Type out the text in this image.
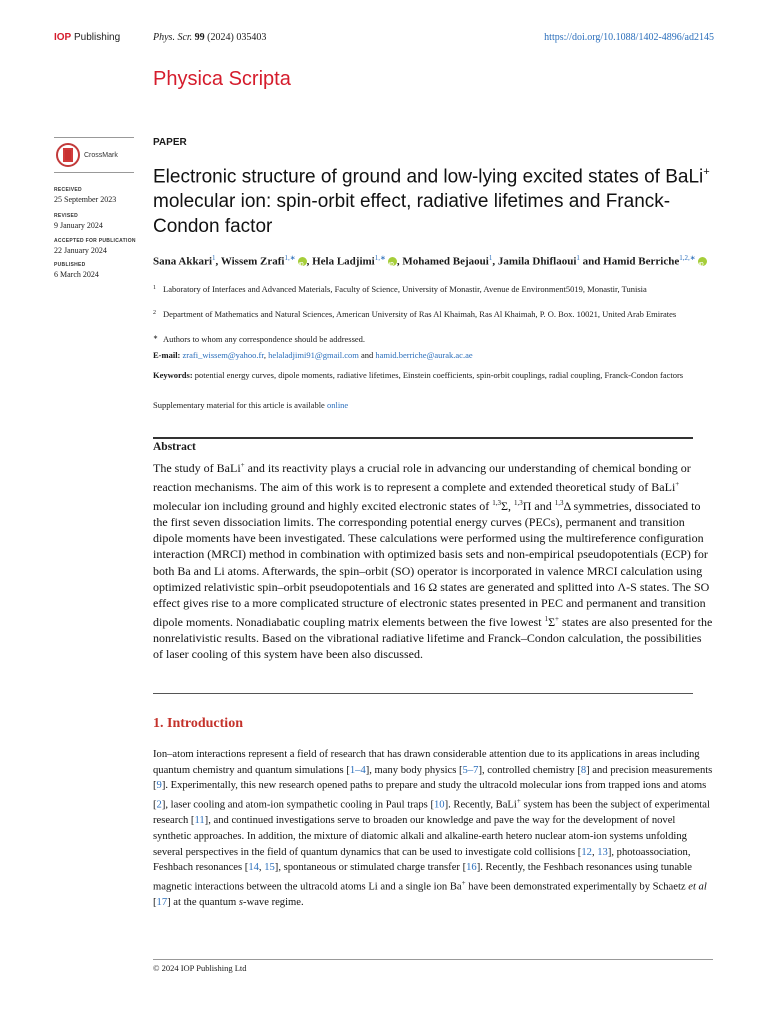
IOP Publishing	Phys. Scr. 99 (2024) 035403	https://doi.org/10.1088/1402-4896/ad2145
Physica Scripta
CrossMark
RECEIVED
25 September 2023
REVISED
9 January 2024
ACCEPTED FOR PUBLICATION
22 January 2024
PUBLISHED
6 March 2024
PAPER
Electronic structure of ground and low-lying excited states of BaLi+ molecular ion: spin-orbit effect, radiative lifetimes and Franck-Condon factor
Sana Akkari$^1$, Wissem Zrafi$^{1,∗}$ iD , Hela Ladjimi$^{1,∗}$ iD , Mohamed Bejaoui$^1$, Jamila Dhiflaoui$^1$ and Hamid Berriche$^{1,2,∗}$iD
1 Laboratory of Interfaces and Advanced Materials, Faculty of Science, University of Monastir, Avenue de Environment5019, Monastir, Tunisia
2 Department of Mathematics and Natural Sciences, American University of Ras Al Khaimah, Ras Al Khaimah, P. O. Box. 10021, United Arab Emirates
∗ Authors to whom any correspondence should be addressed.
E-mail: zrafi_wissem@yahoo.fr, helaladjimi91@gmail.com and hamid.berriche@aurak.ac.ae
Keywords: potential energy curves, dipole moments, radiative lifetimes, Einstein coefficients, spin-orbit couplings, radial coupling, Franck-Condon factors
Supplementary material for this article is available online
Abstract
The study of BaLi+ and its reactivity plays a crucial role in advancing our understanding of chemical bonding or reaction mechanisms. The aim of this work is to represent a complete and extended theoretical study of BaLi+ molecular ion including ground and highly excited electronic states of $^{1,3}$Σ, $^{1,3}$Π and $^{1,3}$Δ symmetries, dissociated to the first seven dissociation limits. The corresponding potential energy curves (PECs), permanent and transition dipole moments have been investigated. These calculations were performed using the multireference configuration interaction (MRCI) method in combination with optimized basis sets and non-empirical pseudopotentials (ECP) for both Ba and Li atoms. Afterwards, the spin–orbit (SO) operator is incorporated in valence MRCI calculation using optimized relativistic spin–orbit pseudopotentials and 16 Ω states are generated and splitted into Λ-S states. The SO effect gives rise to a more complicated structure of electronic states presented in PEC and permanent and transition dipole moments. Nonadiabatic coupling matrix elements between the five lowest $^1$Σ+ states are also presented for the nonrelativistic results. Based on the vibrational radiative lifetime and Franck–Condon calculation, the possibilities of laser cooling of this system have been also discussed.
1. Introduction
Ion–atom interactions represent a field of research that has drawn considerable attention due to its applications in areas including quantum chemistry and quantum simulations [1–4], many body physics [5–7], controlled chemistry [8] and precision measurements [9]. Experimentally, this new research opened paths to prepare and study the ultracold molecular ions from trapped ions and atoms [2], laser cooling and atom-ion sympathetic cooling in Paul traps [10]. Recently, BaLi+ system has been the subject of experimental research [11], and continued investigations serve to broaden our knowledge and pave the way for the development of novel synthetic approaches. In addition, the mixture of diatomic alkali and alkaline-earth hetero nuclear atom-ion systems unfolding several perspectives in the field of quantum dynamics that can be used to investigate cold collisions [12, 13], photoassociation, Feshbach resonances [14, 15], spontaneous or stimulated charge transfer [16]. Recently, the Feshbach resonances using tunable magnetic interactions between the ultracold atoms Li and a single ion Ba+ have been demonstrated experimentally by Schaetz et al [17] at the quantum s-wave regime.
© 2024 IOP Publishing Ltd
